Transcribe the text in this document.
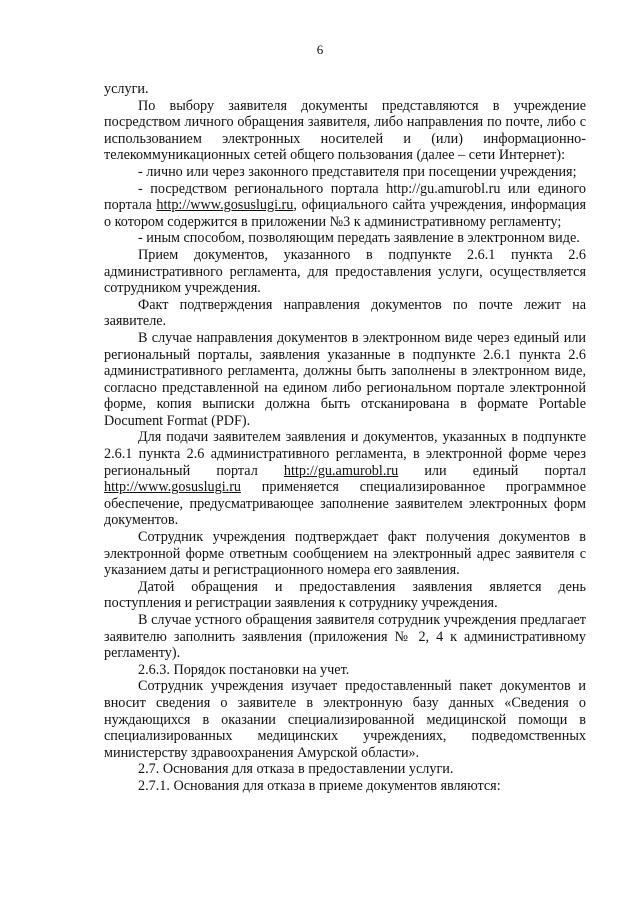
6

услуги.

По выбору заявителя документы представляются в учреждение посредством личного обращения заявителя, либо направления по почте, либо с использованием электронных носителей и (или) информационно-телекоммуникационных сетей общего пользования (далее – сети Интернет):

- лично или через законного представителя при посещении учреждения;

- посредством регионального портала http://gu.amurobl.ru или единого портала http://www.gosuslugi.ru, официального сайта учреждения, информация о котором содержится в приложении №3 к административному регламенту;

- иным способом, позволяющим передать заявление в электронном виде.

Прием документов, указанного в подпункте 2.6.1 пункта 2.6 административного регламента, для предоставления услуги, осуществляется сотрудником учреждения.

Факт подтверждения направления документов по почте лежит на заявителе.

В случае направления документов в электронном виде через единый или региональный порталы, заявления указанные в подпункте 2.6.1 пункта 2.6 административного регламента, должны быть заполнены в электронном виде, согласно представленной на едином либо региональном портале электронной форме, копия выписки должна быть отсканирована в формате Portable Document Format (PDF).

Для подачи заявителем заявления и документов, указанных в подпункте 2.6.1 пункта 2.6 административного регламента, в электронной форме через региональный портал http://gu.amurobl.ru или единый портал http://www.gosuslugi.ru применяется специализированное программное обеспечение, предусматривающее заполнение заявителем электронных форм документов.

Сотрудник учреждения подтверждает факт получения документов в электронной форме ответным сообщением на электронный адрес заявителя с указанием даты и регистрационного номера его заявления.

Датой обращения и предоставления заявления является день поступления и регистрации заявления к сотруднику учреждения.

В случае устного обращения заявителя сотрудник учреждения предлагает заявителю заполнить заявления (приложения № 2, 4 к административному регламенту).

2.6.3. Порядок постановки на учет.

Сотрудник учреждения изучает предоставленный пакет документов и вносит сведения о заявителе в электронную базу данных «Сведения о нуждающихся в оказании специализированной медицинской помощи в специализированных медицинских учреждениях, подведомственных министерству здравоохранения Амурской области».

2.7. Основания для отказа в предоставлении услуги.

2.7.1. Основания для отказа в приеме документов являются:
